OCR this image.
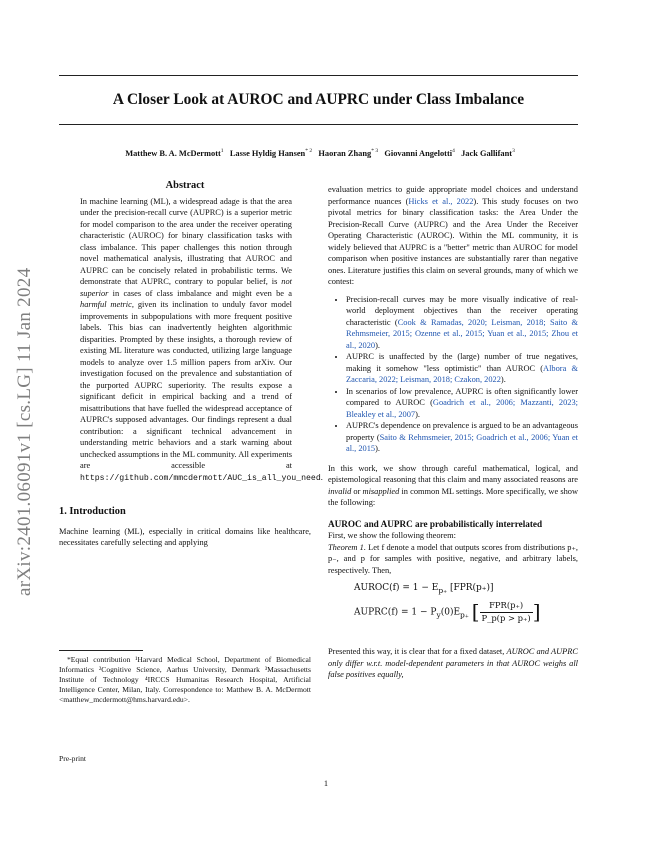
A Closer Look at AUROC and AUPRC under Class Imbalance
Matthew B. A. McDermott$^1$ Lasse Hyldig Hansen$^{* 2}$ Haoran Zhang$^{* 3}$ Giovanni Angelotti$^4$ Jack Gallifant$^3$
arXiv:2401.06091v1 [cs.LG] 11 Jan 2024
Abstract
In machine learning (ML), a widespread adage is that the area under the precision-recall curve (AUPRC) is a superior metric for model comparison to the area under the receiver operating characteristic (AUROC) for binary classification tasks with class imbalance. This paper challenges this notion through novel mathematical analysis, illustrating that AUROC and AUPRC can be concisely related in probabilistic terms. We demonstrate that AUPRC, contrary to popular belief, is not superior in cases of class imbalance and might even be a harmful metric, given its inclination to unduly favor model improvements in subpopulations with more frequent positive labels. This bias can inadvertently heighten algorithmic disparities. Prompted by these insights, a thorough review of existing ML literature was conducted, utilizing large language models to analyze over 1.5 million papers from arXiv. Our investigation focused on the prevalence and substantiation of the purported AUPRC superiority. The results expose a significant deficit in empirical backing and a trend of misattributions that have fuelled the widespread acceptance of AUPRC's supposed advantages. Our findings represent a dual contribution: a significant technical advancement in understanding metric behaviors and a stark warning about unchecked assumptions in the ML community. All experiments are accessible at https://github.com/mmcdermott/AUC_is_all_you_need.
1. Introduction

Machine learning (ML), especially in critical domains like healthcare, necessitates carefully selecting and applying

*Equal contribution ¹Harvard Medical School, Department of Biomedical Informatics ²Cognitive Science, Aarhus University, Denmark ³Massachusetts Institute of Technology ⁴IRCCS Humanitas Research Hospital, Artificial Intelligence Center, Milan, Italy. Correspondence to: Matthew B. A. McDermott <matthew_mcdermott@hms.harvard.edu>.
Pre-print
1

evaluation metrics to guide appropriate model choices and understand performance nuances (Hicks et al., 2022). This study focuses on two pivotal metrics for binary classification tasks: the Area Under the Precision-Recall Curve (AUPRC) and the Area Under the Receiver Operating Characteristic (AUROC). Within the ML community, it is widely believed that AUPRC is a "better" metric than AUROC for model comparison when positive instances are substantially rarer than negative ones. Literature justifies this claim on several grounds, many of which we contest:

• Precision-recall curves may be more visually indicative of real-world deployment objectives than the receiver operating characteristic (Cook & Ramadas, 2020; Leisman, 2018; Saito & Rehmsmeier, 2015; Ozenne et al., 2015; Yuan et al., 2015; Zhou et al., 2020).
• AUPRC is unaffected by the (large) number of true negatives, making it somehow "less optimistic" than AUROC (Albora & Zaccaria, 2022; Leisman, 2018; Czakon, 2022).
• In scenarios of low prevalence, AUPRC is often significantly lower compared to AUROC (Goadrich et al., 2006; Mazzanti, 2023; Bleakley et al., 2007).
• AUPRC's dependence on prevalence is argued to be an advantageous property (Saito & Rehmsmeier, 2015; Goadrich et al., 2006; Yuan et al., 2015).

In this work, we show through careful mathematical, logical, and epistemological reasoning that this claim and many associated reasons are invalid or misapplied in common ML settings. More specifically, we show the following:

AUROC and AUPRC are probabilistically interrelated

First, we show the following theorem:

Theorem 1. Let f denote a model that outputs scores from distributions p₊, p₋, and p for samples with positive, negative, and arbitrary labels, respectively. Then,

AUROC(f) = $1 - E_{p_+}$ [FPR(p₊)]
AUPRC(f) = $1 - P_y(0)E_{p_+}$ [ $\frac{\text{FPR(p₊)}}{P\_p(p > p_+)}$ ]

Presented this way, it is clear that for a fixed dataset, AUROC and AUPRC only differ w.r.t. model-dependent parameters in that AUROC weighs all false positives equally,
